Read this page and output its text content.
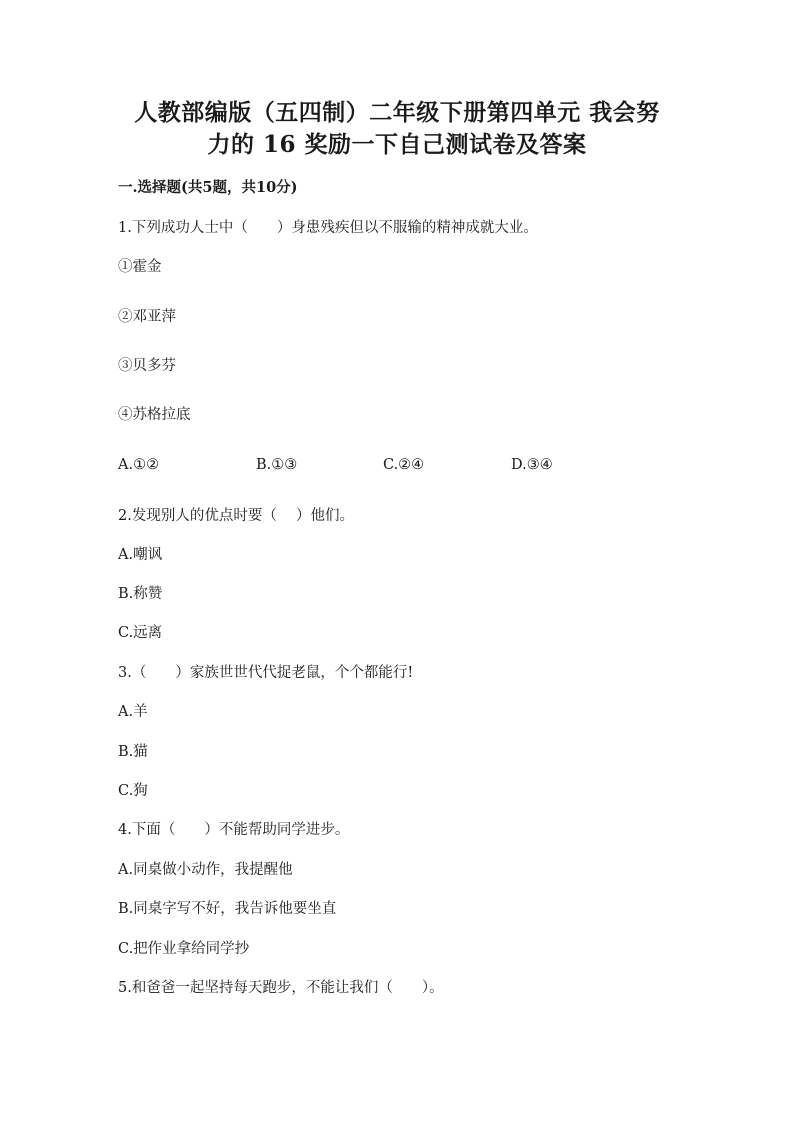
人教部编版（五四制）二年级下册第四单元 我会努
力的 16 奖励一下自己测试卷及答案
一.选择题(共5题，共10分)
1.下列成功人士中（　　）身患残疾但以不服输的精神成就大业。
①霍金
②邓亚萍
③贝多芬
④苏格拉底
A.①②	B.①③	C.②④	D.③④
2.发现别人的优点时要（　 ）他们。
A.嘲讽
B.称赞
C.远离
3.（　　）家族世世代代捉老鼠，个个都能行!
A.羊
B.猫
C.狗
4.下面（　　）不能帮助同学进步。
A.同桌做小动作，我提醒他
B.同桌字写不好，我告诉他要坐直
C.把作业拿给同学抄
5.和爸爸一起坚持每天跑步，不能让我们（　　）。
